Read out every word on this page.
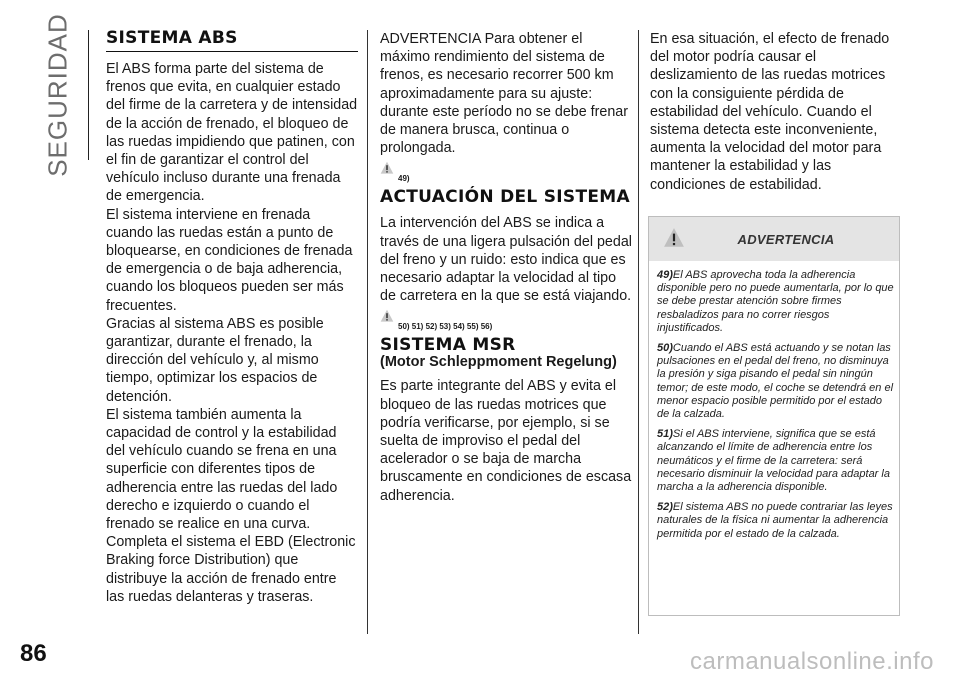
SEGURIDAD
86	carmanualsonline.info
SISTEMA ABS

El ABS forma parte del sistema de frenos que evita, en cualquier estado del firme de la carretera y de intensidad de la acción de frenado, el bloqueo de las ruedas impidiendo que patinen, con el fin de garantizar el control del vehículo incluso durante una frenada de emergencia.

El sistema interviene en frenada cuando las ruedas están a punto de bloquearse, en condiciones de frenada de emergencia o de baja adherencia, cuando los bloqueos pueden ser más frecuentes.

Gracias al sistema ABS es posible garantizar, durante el frenado, la dirección del vehículo y, al mismo tiempo, optimizar los espacios de detención.

El sistema también aumenta la capacidad de control y la estabilidad del vehículo cuando se frena en una superficie con diferentes tipos de adherencia entre las ruedas del lado derecho e izquierdo o cuando el frenado se realice en una curva.

Completa el sistema el EBD (Electronic Braking force Distribution) que distribuye la acción de frenado entre las ruedas delanteras y traseras.

ADVERTENCIA Para obtener el máximo rendimiento del sistema de frenos, es necesario recorrer 500 km aproximadamente para su ajuste: durante este período no se debe frenar de manera brusca, continua o prolongada.

49)
ACTUACIÓN DEL SISTEMA

La intervención del ABS se indica a través de una ligera pulsación del pedal del freno y un ruido: esto indica que es necesario adaptar la velocidad al tipo de carretera en la que se está viajando.

50) 51) 52) 53) 54) 55) 56)
SISTEMA MSR
(Motor Schleppmoment Regelung)

Es parte integrante del ABS y evita el bloqueo de las ruedas motrices que podría verificarse, por ejemplo, si se suelta de improviso el pedal del acelerador o se baja de marcha bruscamente en condiciones de escasa adherencia.

En esa situación, el efecto de frenado del motor podría causar el deslizamiento de las ruedas motrices con la consiguiente pérdida de estabilidad del vehículo. Cuando el sistema detecta este inconveniente, aumenta la velocidad del motor para mantener la estabilidad y las condiciones de estabilidad.

ADVERTENCIA

49)El ABS aprovecha toda la adherencia disponible pero no puede aumentarla, por lo que se debe prestar atención sobre firmes resbaladizos para no correr riesgos injustificados.

50)Cuando el ABS está actuando y se notan las pulsaciones en el pedal del freno, no disminuya la presión y siga pisando el pedal sin ningún temor; de este modo, el coche se detendrá en el menor espacio posible permitido por el estado de la calzada.

51)Si el ABS interviene, significa que se está alcanzando el límite de adherencia entre los neumáticos y el firme de la carretera: será necesario disminuir la velocidad para adaptar la marcha a la adherencia disponible.

52)El sistema ABS no puede contrariar las leyes naturales de la física ni aumentar la adherencia permitida por el estado de la calzada.
